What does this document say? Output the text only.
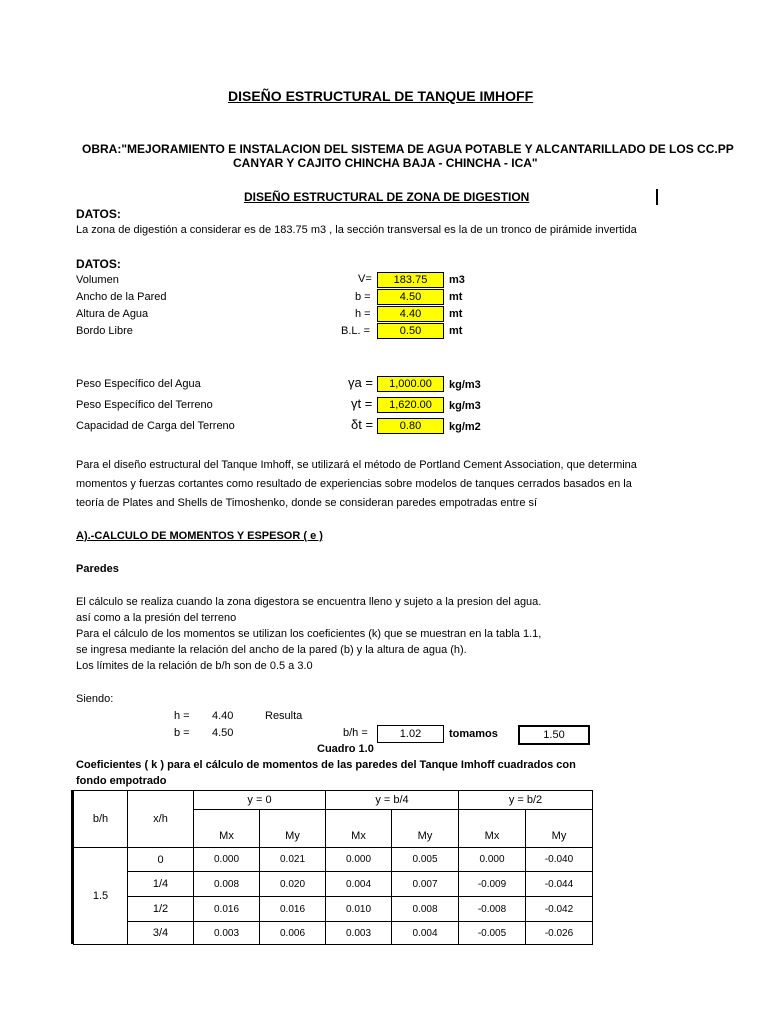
DISEÑO ESTRUCTURAL DE TANQUE IMHOFF
OBRA:"MEJORAMIENTO E INSTALACION DEL SISTEMA DE AGUA POTABLE Y ALCANTARILLADO DE LOS CC.PP
CANYAR Y CAJITO CHINCHA BAJA - CHINCHA - ICA"
DISEÑO ESTRUCTURAL DE ZONA DE DIGESTION
DATOS:
La zona de digestión a considerar es de 183.75 m3 , la sección transversal es la de un tronco de pirámide invertida
DATOS:
Volumen	V=	183.75	m3
Ancho de la Pared	b =	4.50	mt
Altura de Agua	h =	4.40	mt
Bordo Libre	B.L. =	0.50	mt
Peso Específico del Agua	γa =	1,000.00	kg/m3
Peso Específico del Terreno	γt =	1,620.00	kg/m3
Capacidad de Carga del Terreno	δt =	0.80	kg/m2
Para el diseño estructural del Tanque Imhoff, se utilizará el método de Portland Cement Association, que determina
momentos y fuerzas cortantes como resultado de experiencias sobre modelos de tanques cerrados basados en la
teoría de Plates and Shells de Timoshenko, donde se consideran paredes empotradas entre sí
A).-CALCULO DE MOMENTOS Y ESPESOR ( e )
Paredes
El cálculo se realiza cuando la zona digestora se encuentra lleno y sujeto a la presion del agua.
así como a la presión del terreno
Para el cálculo de los momentos se utilizan los coeficientes (k) que se muestran en la tabla 1.1,
se ingresa mediante la relación del ancho de la pared (b) y la altura de agua (h).
Los límites de la relación de b/h son de 0.5 a 3.0
Siendo:
h = 4.40	Resulta
b = 4.50	b/h =	1.02	tomamos	1.50
Cuadro 1.0
Coeficientes ( k ) para el cálculo de momentos de las paredes del Tanque Imhoff cuadrados con
fondo empotrado
b/h	x/h	y = 0		y = b/4		y = b/2	
		Mx	My	Mx	My	Mx	My
1.5	0	0.000	0.021	0.000	0.005	0.000	-0.040
	1/4	0.008	0.020	0.004	0.007	-0.009	-0.044
	1/2	0.016	0.016	0.010	0.008	-0.008	-0.042
	3/4	0.003	0.006	0.003	0.004	-0.005	-0.026
